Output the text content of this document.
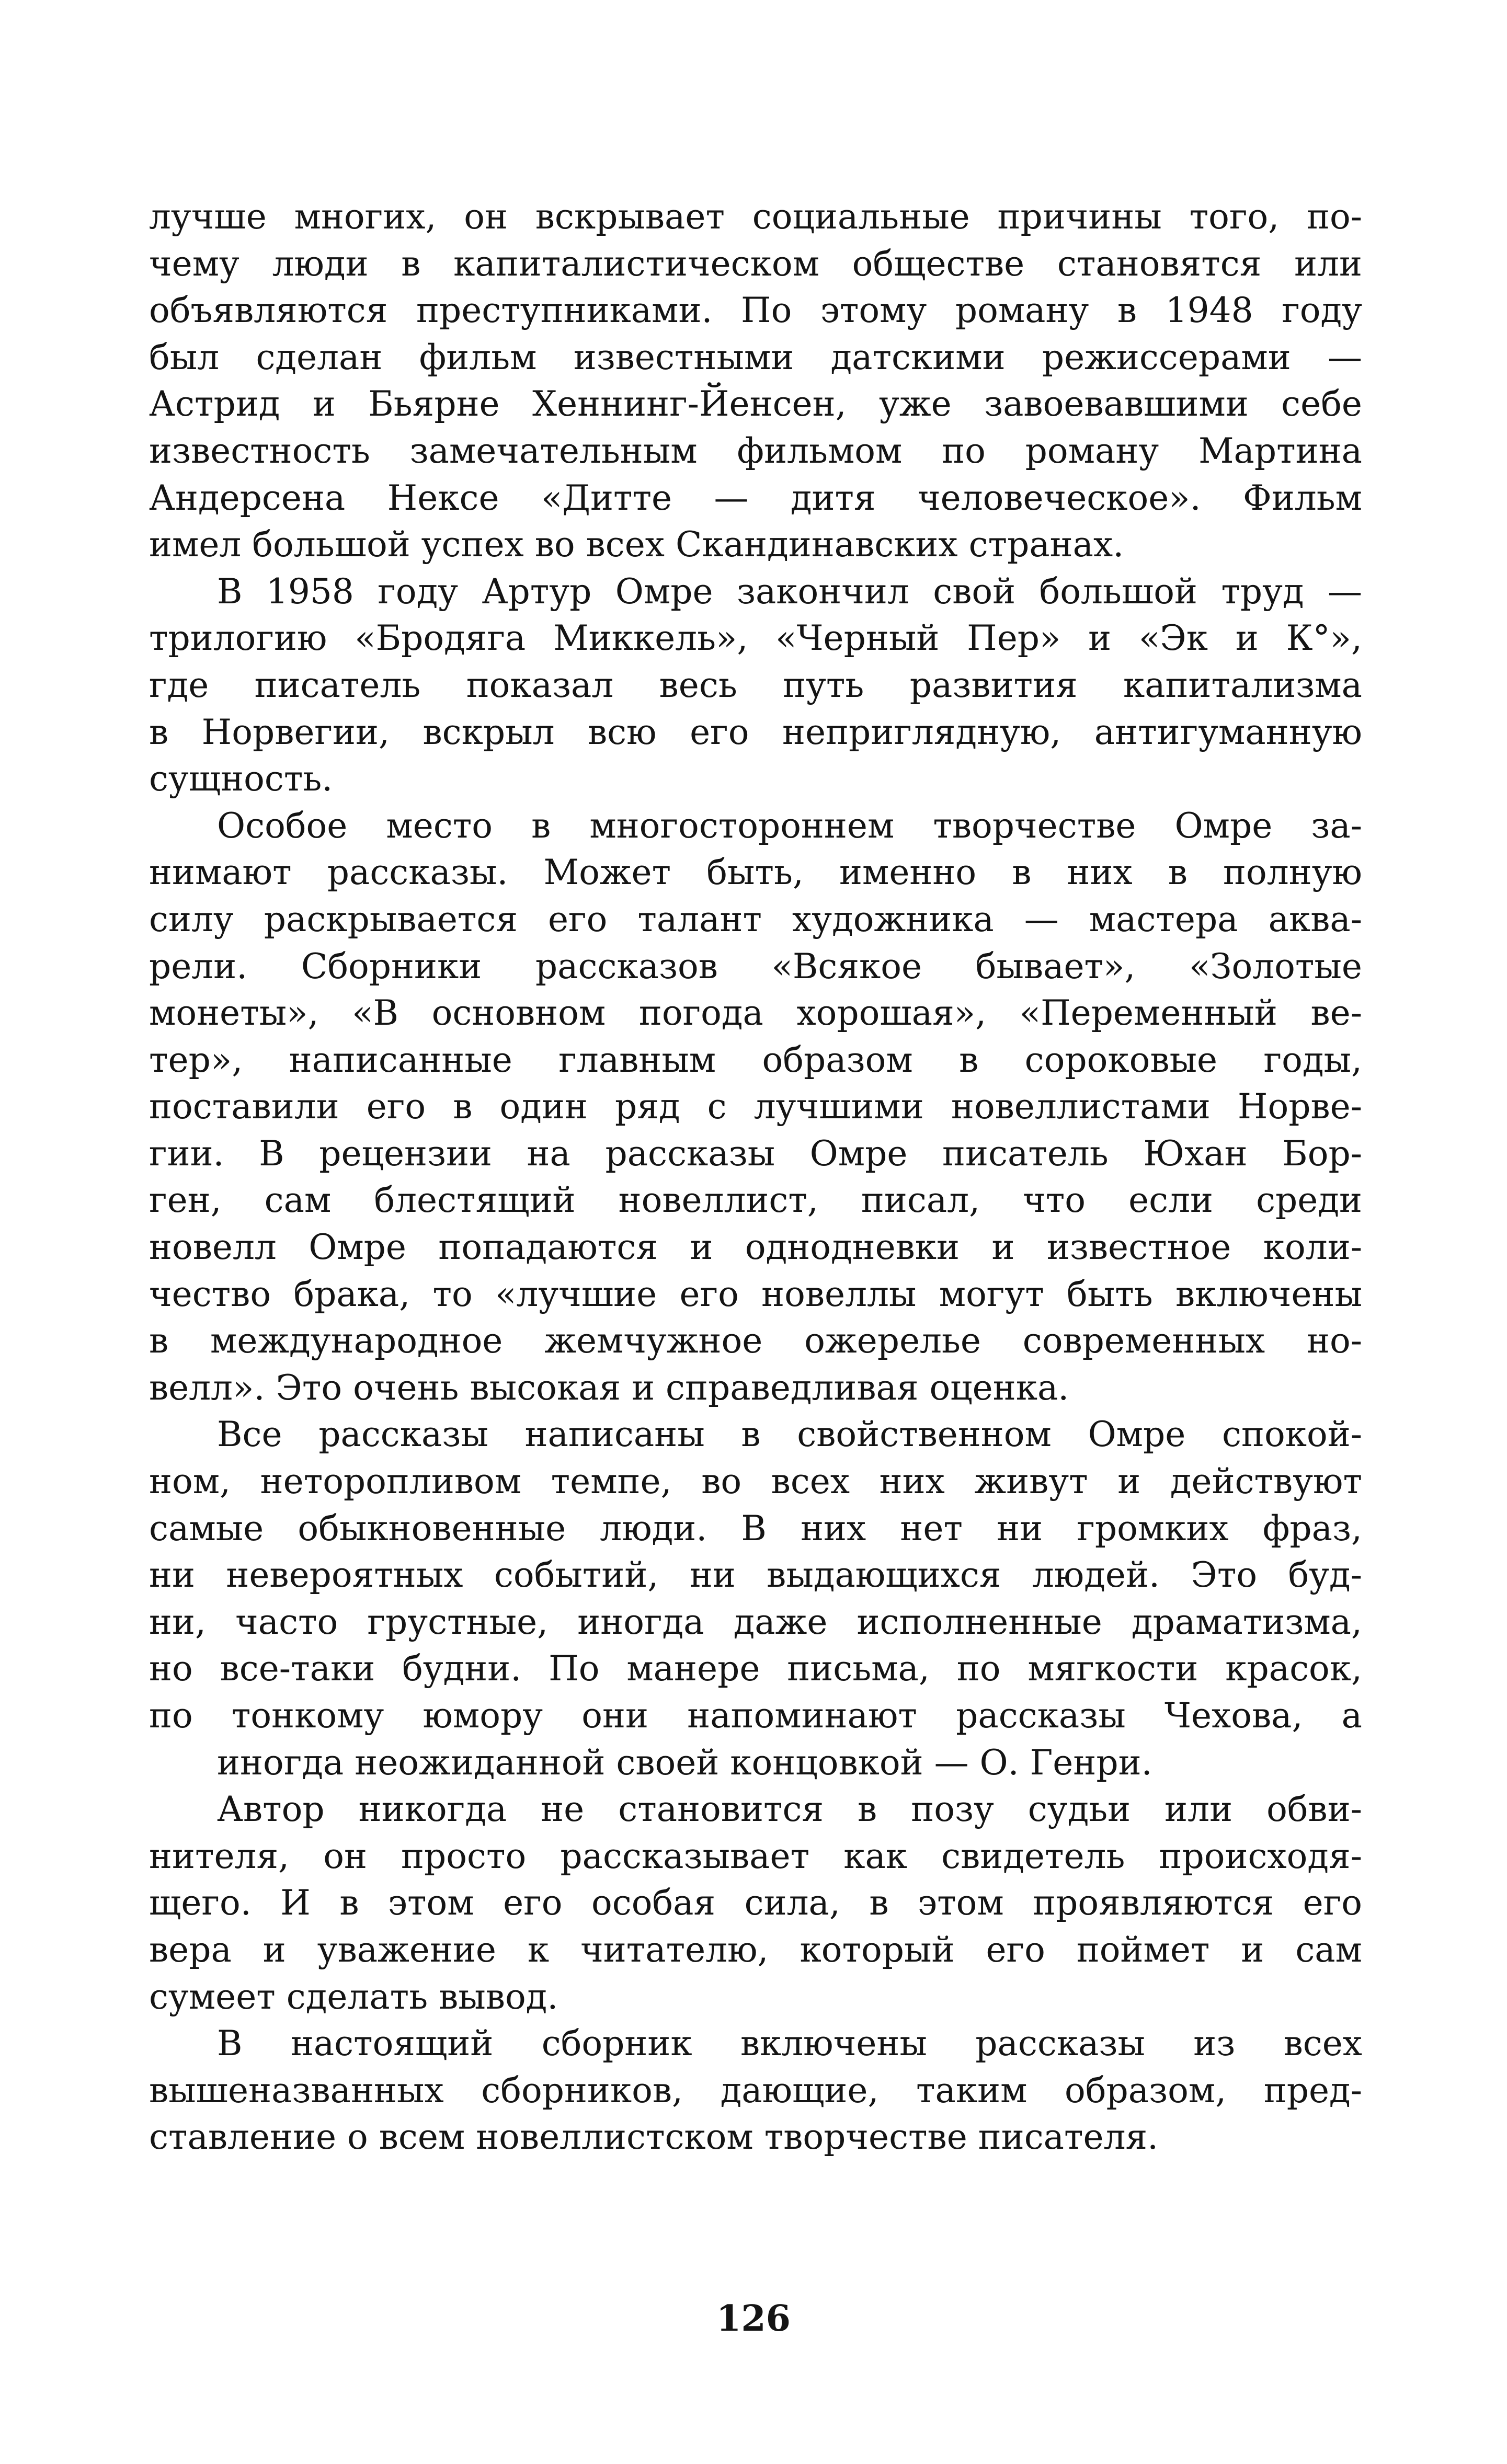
лучше многих, он вскрывает социальные причины того, по-
чему люди в капиталистическом обществе становятся или
объявляются преступниками. По этому роману в 1948 году
был сделан фильм известными датскими режиссерами —
Астрид и Бьярне Хеннинг-Йенсен, уже завоевавшими себе
известность замечательным фильмом по роману Мартина
Андерсена Нексе «Дитте — дитя человеческое». Фильм
имел большой успех во всех Скандинавских странах.
В 1958 году Артур Омре закончил свой большой труд —
трилогию «Бродяга Миккель», «Черный Пер» и «Эк и К°»,
где писатель показал весь путь развития капитализма
в Норвегии, вскрыл всю его неприглядную, антигуманную
сущность.
Особое место в многостороннем творчестве Омре за-
нимают рассказы. Может быть, именно в них в полную
силу раскрывается его талант художника — мастера аква-
рели. Сборники рассказов «Всякое бывает», «Золотые
монеты», «В основном погода хорошая», «Переменный ве-
тер», написанные главным образом в сороковые годы,
поставили его в один ряд с лучшими новеллистами Норве-
гии. В рецензии на рассказы Омре писатель Юхан Бор-
ген, сам блестящий новеллист, писал, что если среди
новелл Омре попадаются и однодневки и известное коли-
чество брака, то «лучшие его новеллы могут быть включены
в международное жемчужное ожерелье современных но-
велл». Это очень высокая и справедливая оценка.
Все рассказы написаны в свойственном Омре спокой-
ном, неторопливом темпе, во всех них живут и действуют
самые обыкновенные люди. В них нет ни громких фраз,
ни невероятных событий, ни выдающихся людей. Это буд-
ни, часто грустные, иногда даже исполненные драматизма,
но все-таки будни. По манере письма, по мягкости красок,
по тонкому юмору они напоминают рассказы Чехова, а
иногда неожиданной своей концовкой — О. Генри.
Автор никогда не становится в позу судьи или обви-
нителя, он просто рассказывает как свидетель происходя-
щего. И в этом его особая сила, в этом проявляются его
вера и уважение к читателю, который его поймет и сам
сумеет сделать вывод.
В настоящий сборник включены рассказы из всех
вышеназванных сборников, дающие, таким образом, пред-
ставление о всем новеллистском творчестве писателя.
126
